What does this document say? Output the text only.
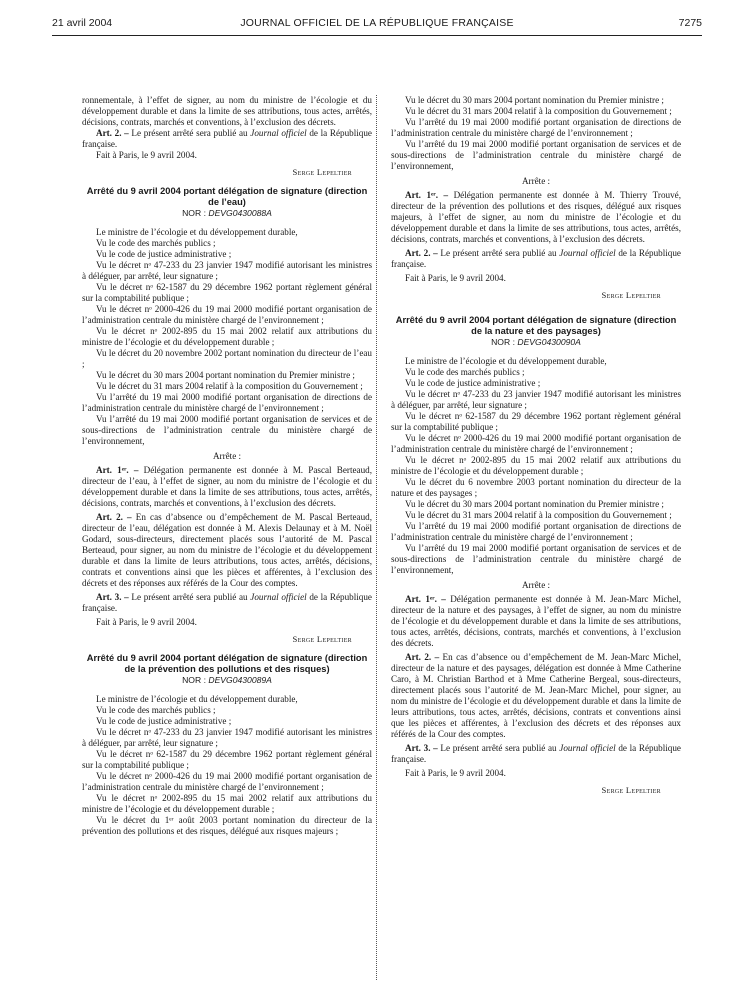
21 avril 2004	JOURNAL OFFICIEL DE LA RÉPUBLIQUE FRANÇAISE	7275

ronnementale, à l’effet de signer, au nom du ministre de l’écologie et du développement durable et dans la limite de ses attributions, tous actes, arrêtés, décisions, contrats, marchés et conventions, à l’exclusion des décrets.

Art. 2. – Le présent arrêté sera publié au Journal officiel de la République française.

Fait à Paris, le 9 avril 2004.

Serge Lepeltier
Arrêté du 9 avril 2004 portant délégation de signature (direction de l’eau)
NOR : DEVG0430088A

Le ministre de l’écologie et du développement durable,

Vu le code des marchés publics ;

Vu le code de justice administrative ;

Vu le décret nᵒ 47-233 du 23 janvier 1947 modifié autorisant les ministres à déléguer, par arrêté, leur signature ;

Vu le décret nᵒ 62-1587 du 29 décembre 1962 portant règlement général sur la comptabilité publique ;

Vu le décret nᵒ 2000-426 du 19 mai 2000 modifié portant organisation de l’administration centrale du ministère chargé de l’environnement ;

Vu le décret nᵒ 2002-895 du 15 mai 2002 relatif aux attributions du ministre de l’écologie et du développement durable ;

Vu le décret du 20 novembre 2002 portant nomination du directeur de l’eau ;

Vu le décret du 30 mars 2004 portant nomination du Premier ministre ;

Vu le décret du 31 mars 2004 relatif à la composition du Gouvernement ;

Vu l’arrêté du 19 mai 2000 modifié portant organisation de directions de l’administration centrale du ministère chargé de l’environnement ;

Vu l’arrêté du 19 mai 2000 modifié portant organisation de services et de sous-directions de l’administration centrale du ministère chargé de l’environnement,

Arrête :

Art. 1ᵉʳ. – Délégation permanente est donnée à M. Pascal Berteaud, directeur de l’eau, à l’effet de signer, au nom du ministre de l’écologie et du développement durable et dans la limite de ses attributions, tous actes, arrêtés, décisions, contrats, marchés et conventions, à l’exclusion des décrets.

Art. 2. – En cas d’absence ou d’empêchement de M. Pascal Berteaud, directeur de l’eau, délégation est donnée à M. Alexis Delaunay et à M. Noël Godard, sous-directeurs, directement placés sous l’autorité de M. Pascal Berteaud, pour signer, au nom du ministre de l’écologie et du développement durable et dans la limite de leurs attributions, tous actes, arrêtés, décisions, contrats et conventions ainsi que les pièces et afférentes, à l’exclusion des décrets et des réponses aux référés de la Cour des comptes.

Art. 3. – Le présent arrêté sera publié au Journal officiel de la République française.

Fait à Paris, le 9 avril 2004.

Serge Lepeltier
Arrêté du 9 avril 2004 portant délégation de signature (direction de la prévention des pollutions et des risques)
NOR : DEVG0430089A

Le ministre de l’écologie et du développement durable,

Vu le code des marchés publics ;

Vu le code de justice administrative ;

Vu le décret nᵒ 47-233 du 23 janvier 1947 modifié autorisant les ministres à déléguer, par arrêté, leur signature ;

Vu le décret nᵒ 62-1587 du 29 décembre 1962 portant règlement général sur la comptabilité publique ;

Vu le décret nᵒ 2000-426 du 19 mai 2000 modifié portant organisation de l’administration centrale du ministère chargé de l’environnement ;

Vu le décret nᵒ 2002-895 du 15 mai 2002 relatif aux attributions du ministre de l’écologie et du développement durable ;

Vu le décret du 1ᵉʳ août 2003 portant nomination du directeur de la prévention des pollutions et des risques, délégué aux risques majeurs ;

Vu le décret du 30 mars 2004 portant nomination du Premier ministre ;

Vu le décret du 31 mars 2004 relatif à la composition du Gouvernement ;

Vu l’arrêté du 19 mai 2000 modifié portant organisation de directions de l’administration centrale du ministère chargé de l’environnement ;

Vu l’arrêté du 19 mai 2000 modifié portant organisation de services et de sous-directions de l’administration centrale du ministère chargé de l’environnement,

Arrête :

Art. 1ᵉʳ. – Délégation permanente est donnée à M. Thierry Trouvé, directeur de la prévention des pollutions et des risques, délégué aux risques majeurs, à l’effet de signer, au nom du ministre de l’écologie et du développement durable et dans la limite de ses attributions, tous actes, arrêtés, décisions, contrats, marchés et conventions, à l’exclusion des décrets.

Art. 2. – Le présent arrêté sera publié au Journal officiel de la République française.

Fait à Paris, le 9 avril 2004.

Serge Lepeltier
Arrêté du 9 avril 2004 portant délégation de signature (direction de la nature et des paysages)
NOR : DEVG0430090A

Le ministre de l’écologie et du développement durable,

Vu le code des marchés publics ;

Vu le code de justice administrative ;

Vu le décret nᵒ 47-233 du 23 janvier 1947 modifié autorisant les ministres à déléguer, par arrêté, leur signature ;

Vu le décret nᵒ 62-1587 du 29 décembre 1962 portant règlement général sur la comptabilité publique ;

Vu le décret nᵒ 2000-426 du 19 mai 2000 modifié portant organisation de l’administration centrale du ministère chargé de l’environnement ;

Vu le décret nᵒ 2002-895 du 15 mai 2002 relatif aux attributions du ministre de l’écologie et du développement durable ;

Vu le décret du 6 novembre 2003 portant nomination du directeur de la nature et des paysages ;

Vu le décret du 30 mars 2004 portant nomination du Premier ministre ;

Vu le décret du 31 mars 2004 relatif à la composition du Gouvernement ;

Vu l’arrêté du 19 mai 2000 modifié portant organisation de directions de l’administration centrale du ministère chargé de l’environnement ;

Vu l’arrêté du 19 mai 2000 modifié portant organisation de services et de sous-directions de l’administration centrale du ministère chargé de l’environnement,

Arrête :

Art. 1ᵉʳ. – Délégation permanente est donnée à M. Jean-Marc Michel, directeur de la nature et des paysages, à l’effet de signer, au nom du ministre de l’écologie et du développement durable et dans la limite de ses attributions, tous actes, arrêtés, décisions, contrats, marchés et conventions, à l’exclusion des décrets.

Art. 2. – En cas d’absence ou d’empêchement de M. Jean-Marc Michel, directeur de la nature et des paysages, délégation est donnée à Mme Catherine Caro, à M. Christian Barthod et à Mme Catherine Bergeal, sous-directeurs, directement placés sous l’autorité de M. Jean-Marc Michel, pour signer, au nom du ministre de l’écologie et du développement durable et dans la limite de leurs attributions, tous actes, arrêtés, décisions, contrats et conventions ainsi que les pièces et afférentes, à l’exclusion des décrets et des réponses aux référés de la Cour des comptes.

Art. 3. – Le présent arrêté sera publié au Journal officiel de la République française.

Fait à Paris, le 9 avril 2004.

Serge Lepeltier
